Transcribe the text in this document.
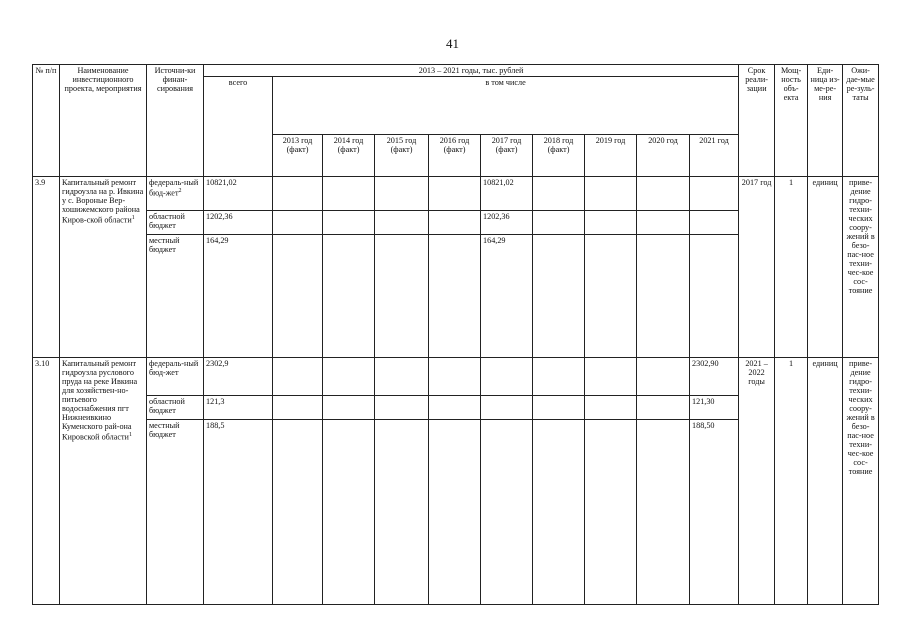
41
№ п/п	Наименование инвестиционного проекта, мероприятия	Источни-ки финан-сирования	2013 – 2021 годы, тыс. рублей										Срок реали-зации	Мощ-ность объ-екта	Еди-ница из-ме-ре-ния	Ожи-дае-мые ре-зуль-таты
			всего	в том числе												
				2013 год (факт)	2014 год (факт)	2015 год (факт)	2016 год (факт)	2017 год (факт)	2018 год (факт)	2019 год	2020 год	2021 год				
3.9	Капитальный ремонт гидроузла на р. Ивкина у с. Вороные Вер-хошижемского района Киров-ской области$^1$	федераль-ный бюд-жет$^2$	10821,02					10821,02					2017 год	1	единиц	приве-дение гидро-техни-ческих соору-жений в безо-пас-ное техни-чес-кое сос-тояние
		областной бюджет	1202,36					1202,36								
		местный бюджет	164,29					164,29								
3.10	Капитальный ремонт гидроузла руслового пруда на реке Ивкина для хозяйствен-но-питьевого водоснабжения пгт Нижнеивкино Куменского рай-она Кировской области$^1$	федераль-ный бюд-жет	2302,9									2302,90	2021 – 2022 годы	1	единиц	приве-дение гидро-техни-ческих соору-жений в безо-пас-ное техни-чес-кое сос-тояние
		областной бюджет	121,3									121,30				
		местный бюджет	188,5									188,50				
